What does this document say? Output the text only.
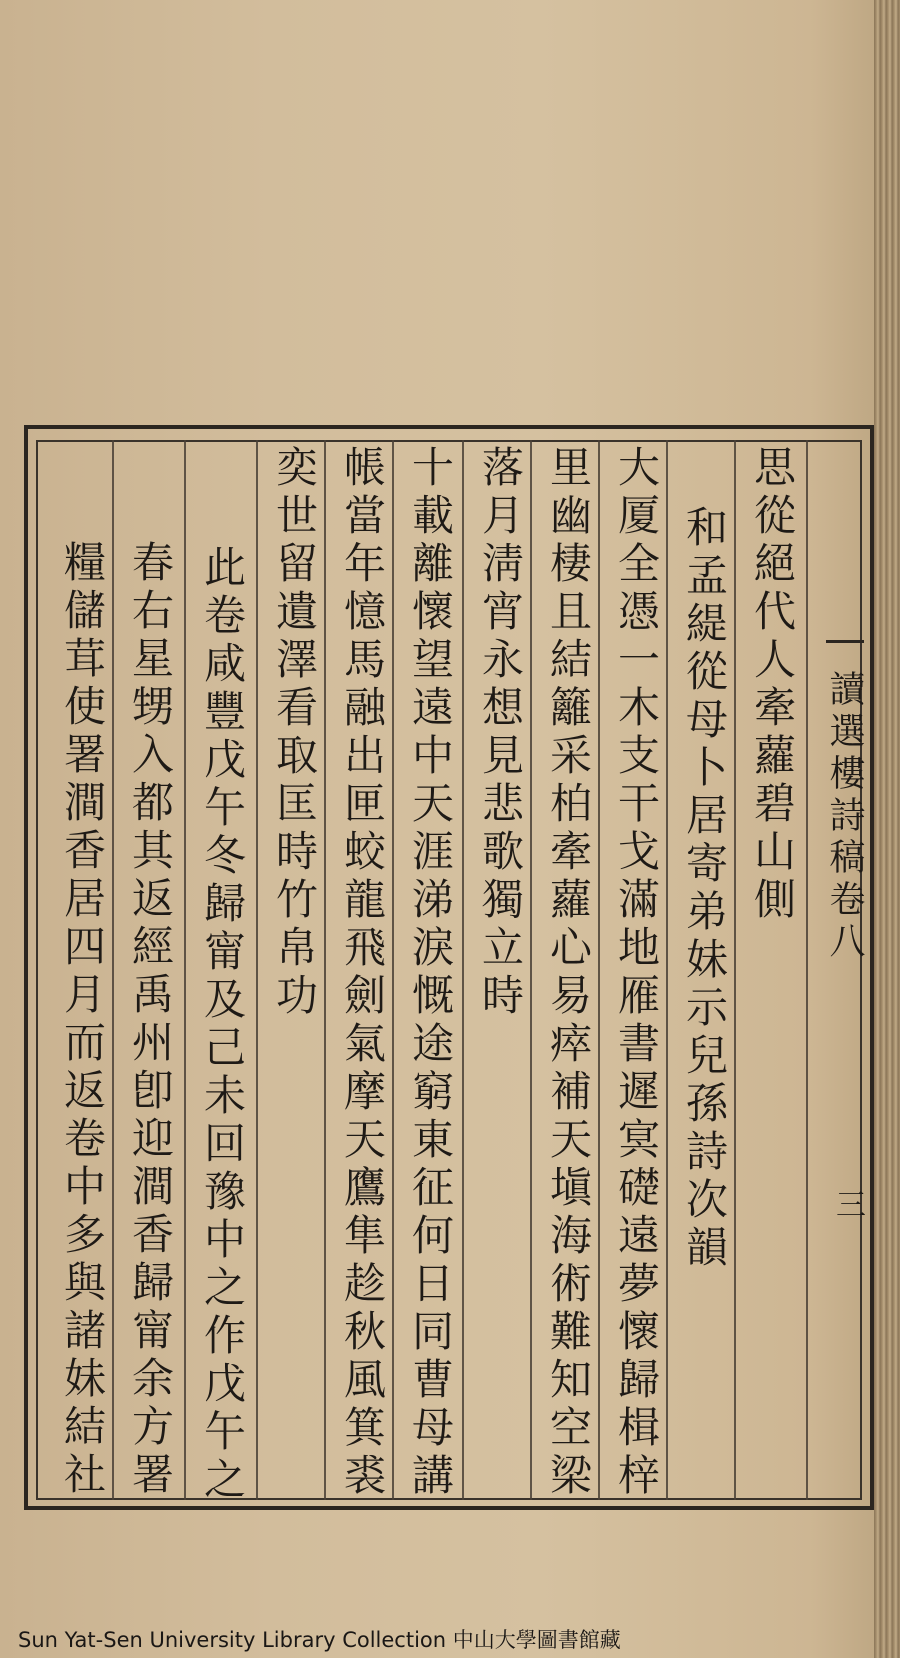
思從絕代人牽蘿碧山側
和孟緹從母卜居寄弟妹示兒孫詩次韻
大厦全憑一木支干戈滿地雁書遲㝠礎遠夢懷歸楫梓
里幽棲且結籬采柏牽蘿心易瘁補天塡海術難知空梁
落月淸宵永想見悲歌獨立時
十載離懷望遠中天涯涕淚慨途窮東征何日同曹母講
帳當年憶馬融出匣蛟龍飛劍氣摩天鷹隼趁秋風箕裘
奕世留遺澤看取匡時竹帛功
此卷咸豐戊午冬歸甯及己未回豫中之作戊午之
春右星甥入都其返經禹州卽迎澗香歸甯余方署
糧儲茸使署澗香居四月而返卷中多與諸妹結社	讀選樓詩稿卷八
三
Sun Yat-Sen University Library Collection 中山大學圖書館藏
